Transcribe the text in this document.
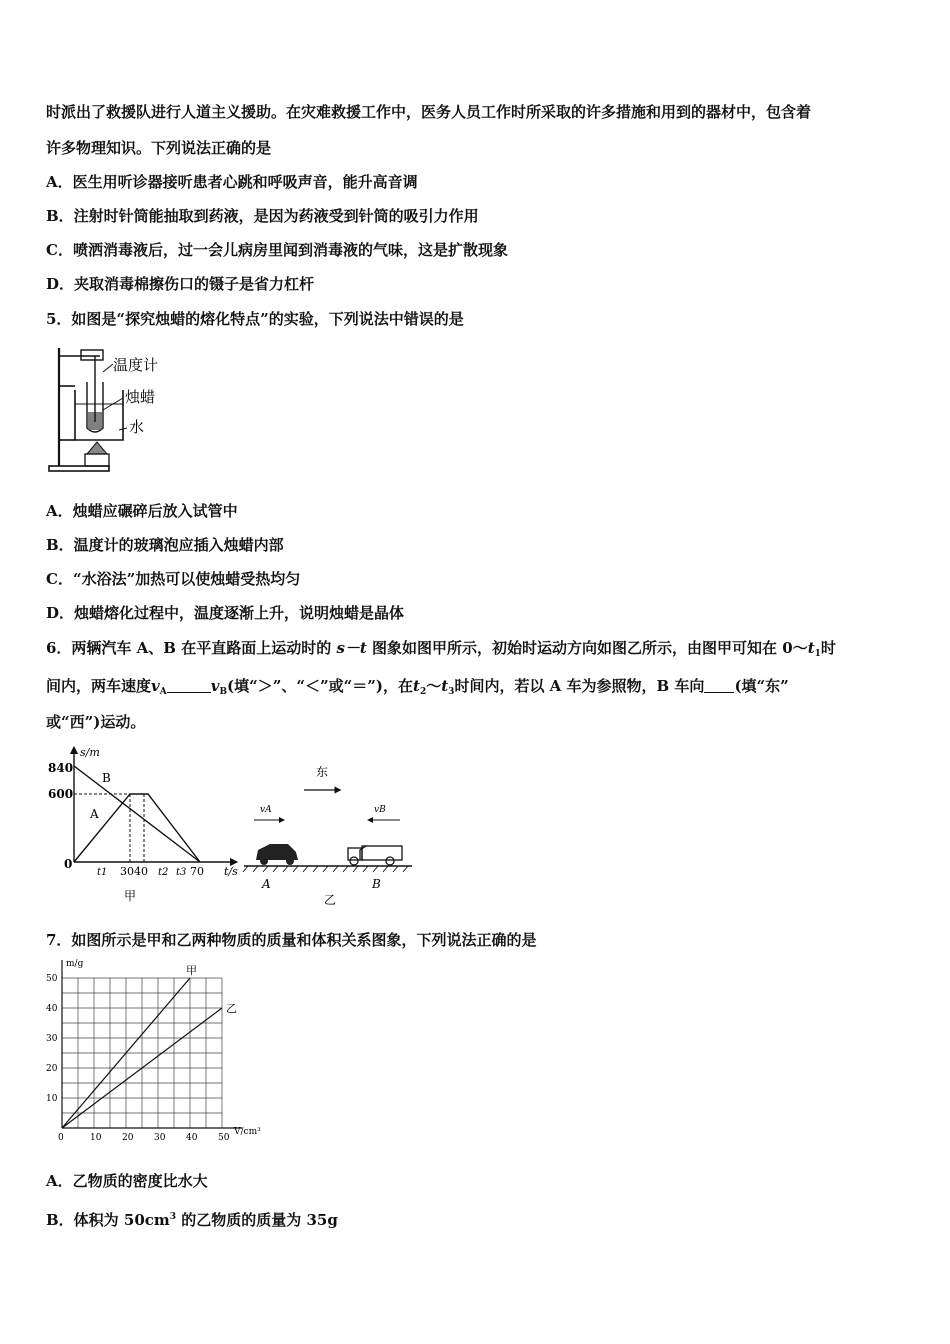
时派出了救援队进行人道主义援助。在灾难救援工作中，医务人员工作时所采取的许多措施和用到的器材中，包含着
许多物理知识。下列说法正确的是
A．医生用听诊器接听患者心跳和呼吸声音，能升高音调
B．注射时针筒能抽取到药液，是因为药液受到针筒的吸引力作用
C．喷洒消毒液后，过一会儿病房里闻到消毒液的气味，这是扩散现象
D．夹取消毒棉擦伤口的镊子是省力杠杆
5．如图是“探究烛蜡的熔化特点”的实验，下列说法中错误的是
温度计
烛蜡
水
A．烛蜡应碾碎后放入试管中
B．温度计的玻璃泡应插入烛蜡内部
C．“水浴法”加热可以使烛蜡受热均匀
D．烛蜡熔化过程中，温度逐渐上升，说明烛蜡是晶体
6．两辆汽车 A、B 在平直路面上运动时的 s－t 图象如图甲所示，初始时运动方向如图乙所示，由图甲可知在 $0\sim t_1$时
间内，两车速度$v_A$	$v_B$(填“＞”、“＜”或“＝”)，在$t_2\sim t_3$时间内，若以 A 车为参照物，B 车向 (填“东”
或“西”)运动。
s/m
t/s
840
600
0
t1 3040 t2 t3 70
A
B
甲
东
vA	vB
A	B
乙
7．如图所示是甲和乙两种物质的质量和体积关系图象，下列说法正确的是
m/g
V/cm³
0	10 20 30 40 50
10
20
30
40
50
甲
乙
A．乙物质的密度比水大
B．体积为 $50cm^3$ 的乙物质的质量为 35g
